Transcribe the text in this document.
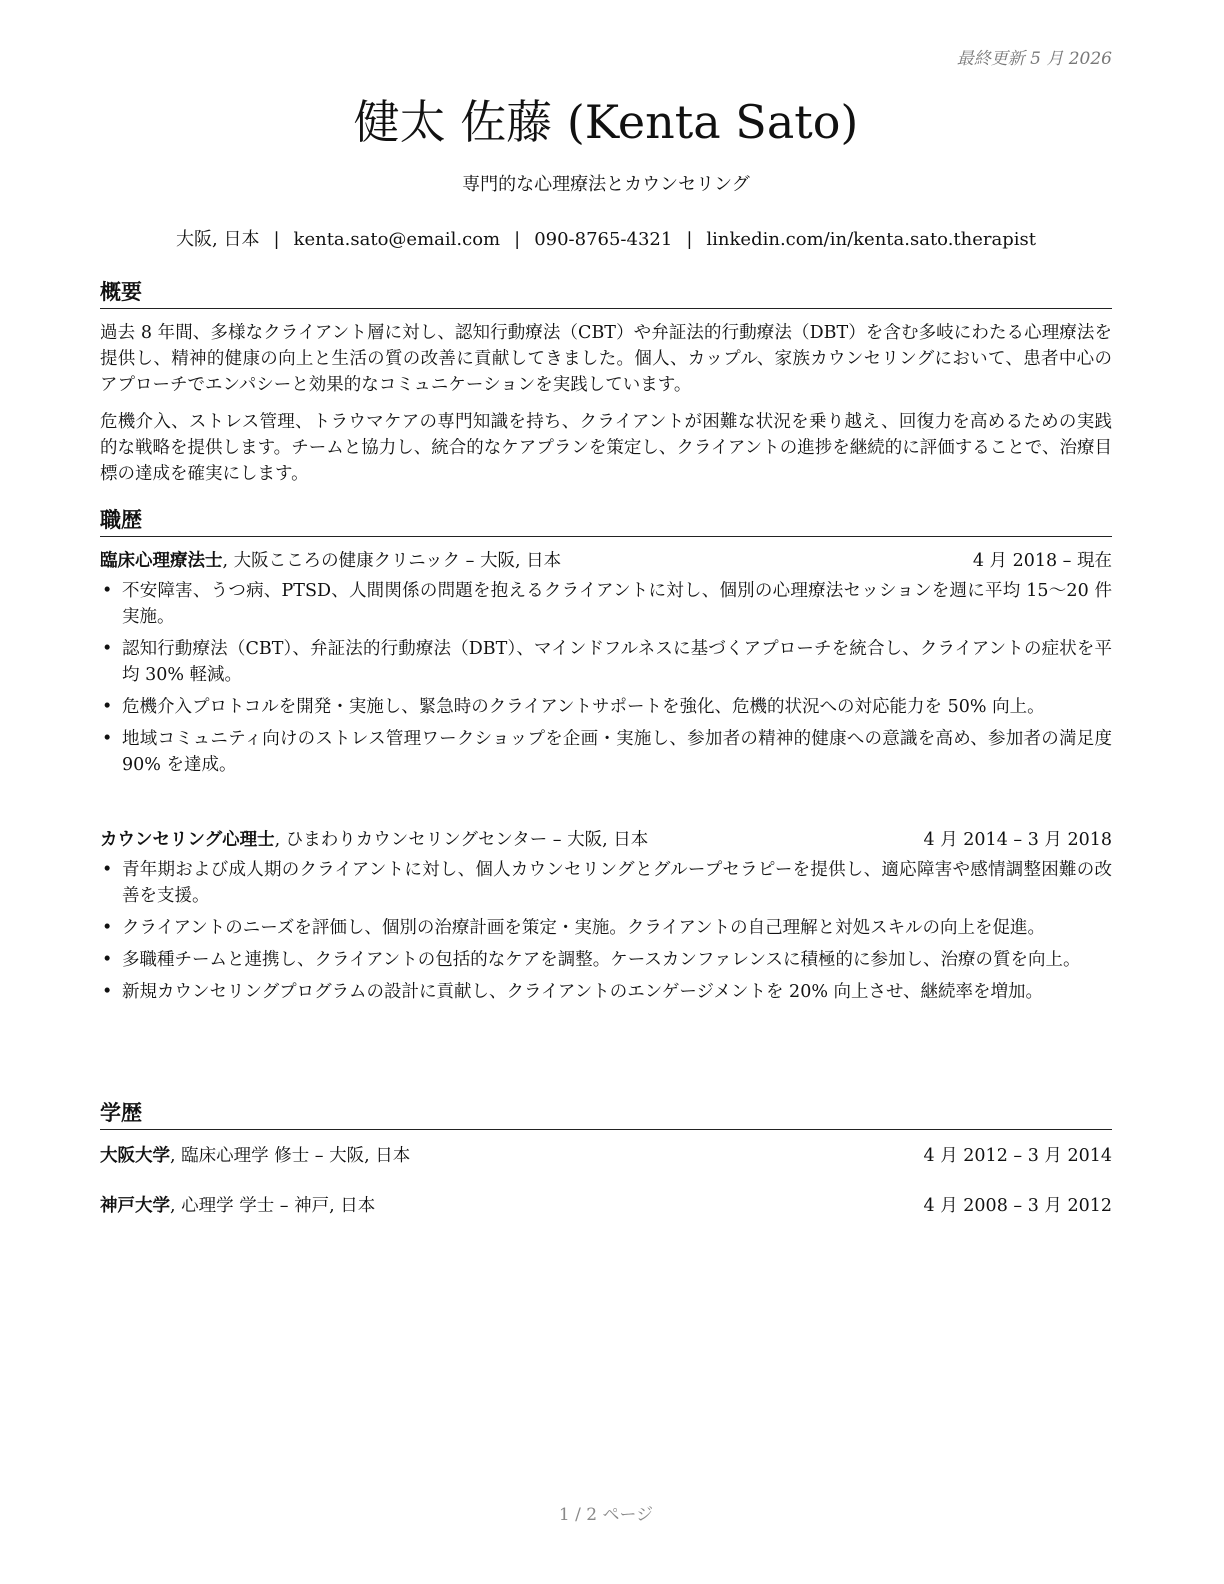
最終更新 5 月 2026
健太 佐藤 (Kenta Sato)
専門的な心理療法とカウンセリング
大阪, 日本 | kenta.sato@email.com | 090-8765-4321 | linkedin.com/in/kenta.sato.therapist
概要
過去 8 年間、多様なクライアント層に対し、認知行動療法（CBT）や弁証法的行動療法（DBT）を含む多岐にわたる心理療法を提供し、精神的健康の向上と生活の質の改善に貢献してきました。個人、カップル、家族カウンセリングにおいて、患者中心のアプローチでエンパシーと効果的なコミュニケーションを実践しています。
危機介入、ストレス管理、トラウマケアの専門知識を持ち、クライアントが困難な状況を乗り越え、回復力を高めるための実践的な戦略を提供します。チームと協力し、統合的なケアプランを策定し、クライアントの進捗を継続的に評価することで、治療目標の達成を確実にします。
職歴
臨床心理療法士, 大阪こころの健康クリニック – 大阪, 日本	4 月 2018 – 現在
• 不安障害、うつ病、PTSD、人間関係の問題を抱えるクライアントに対し、個別の心理療法セッションを週に平均 15〜20 件実施。
• 認知行動療法（CBT）、弁証法的行動療法（DBT）、マインドフルネスに基づくアプローチを統合し、クライアントの症状を平均 30% 軽減。
• 危機介入プロトコルを開発・実施し、緊急時のクライアントサポートを強化、危機的状況への対応能力を 50% 向上。
• 地域コミュニティ向けのストレス管理ワークショップを企画・実施し、参加者の精神的健康への意識を高め、参加者の満足度 90% を達成。
カウンセリング心理士, ひまわりカウンセリングセンター – 大阪, 日本	4 月 2014 – 3 月 2018
• 青年期および成人期のクライアントに対し、個人カウンセリングとグループセラピーを提供し、適応障害や感情調整困難の改善を支援。
• クライアントのニーズを評価し、個別の治療計画を策定・実施。クライアントの自己理解と対処スキルの向上を促進。
• 多職種チームと連携し、クライアントの包括的なケアを調整。ケースカンファレンスに積極的に参加し、治療の質を向上。
• 新規カウンセリングプログラムの設計に貢献し、クライアントのエンゲージメントを 20% 向上させ、継続率を増加。
学歴
大阪大学, 臨床心理学 修士 – 大阪, 日本	4 月 2012 – 3 月 2014
神戸大学, 心理学 学士 – 神戸, 日本	4 月 2008 – 3 月 2012
1 / 2 ページ
